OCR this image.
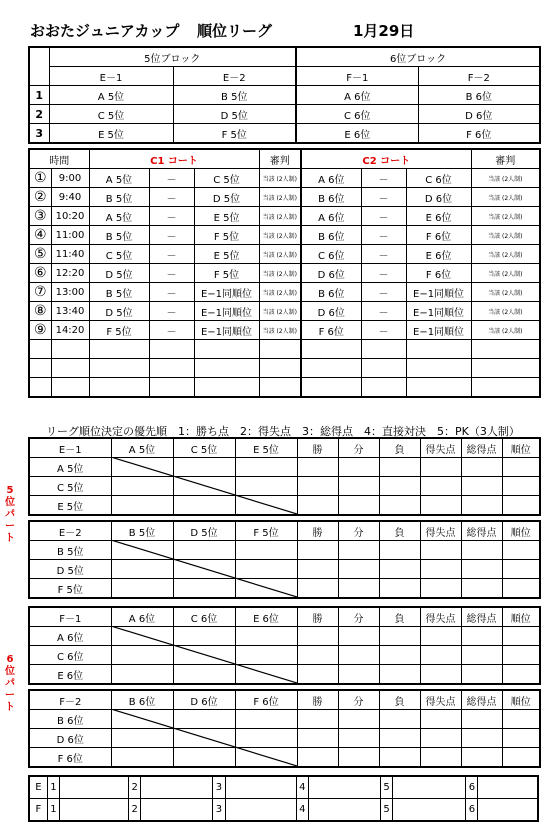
おおたジュニアカップ 順位リーグ	1月29日
	5位ブロック		6位ブロック	
	E－1	E－2	F－1	F－2
1	A 5位	B 5位	A 6位	B 6位
2	C 5位	D 5位	C 6位	D 6位
3	E 5位	F 5位	E 6位	F 6位
時間		C1 コート			審判	C2 コート			審判
①	9:00	A 5位	－	C 5位	当該 (2人制)	A 6位	－	C 6位	当該 (2人制)
②	9:40	B 5位	－	D 5位	当該 (2人制)	B 6位	－	D 6位	当該 (2人制)
③	10:20	A 5位	－	E 5位	当該 (2人制)	A 6位	－	E 6位	当該 (2人制)
④	11:00	B 5位	－	F 5位	当該 (2人制)	B 6位	－	F 6位	当該 (2人制)
⑤	11:40	C 5位	－	E 5位	当該 (2人制)	C 6位	－	E 6位	当該 (2人制)
⑥	12:20	D 5位	－	F 5位	当該 (2人制)	D 6位	－	F 6位	当該 (2人制)
⑦	13:00	B 5位	－	E−1同順位	当該 (2人制)	B 6位	－	E−1同順位	当該 (2人制)
⑧	13:40	D 5位	－	E−1同順位	当該 (2人制)	D 6位	－	E−1同順位	当該 (2人制)
⑨	14:20	F 5位	－	E−1同順位	当該 (2人制)	F 6位	－	E−1同順位	当該 (2人制)

リーグ順位決定の優先順　1：勝ち点　2：得失点　3：総得点　4：直接対決　5：PK（3人制）
5
位
パ
ー
ト
6
位
パ
ー
ト
E－1	A 5位	C 5位	E 5位	勝	分	負	得失点	総得点	順位
A 5位									
C 5位									
E 5位									
E－2	B 5位	D 5位	F 5位	勝	分	負	得失点	総得点	順位
B 5位									
D 5位									
F 5位									
F－1	A 6位	C 6位	E 6位	勝	分	負	得失点	総得点	順位
A 6位									
C 6位									
E 6位									
F－2	B 6位	D 6位	F 6位	勝	分	負	得失点	総得点	順位
B 6位									
D 6位									
F 6位									
E	1		2		3		4		5		6	
F	1		2		3		4		5		6	
